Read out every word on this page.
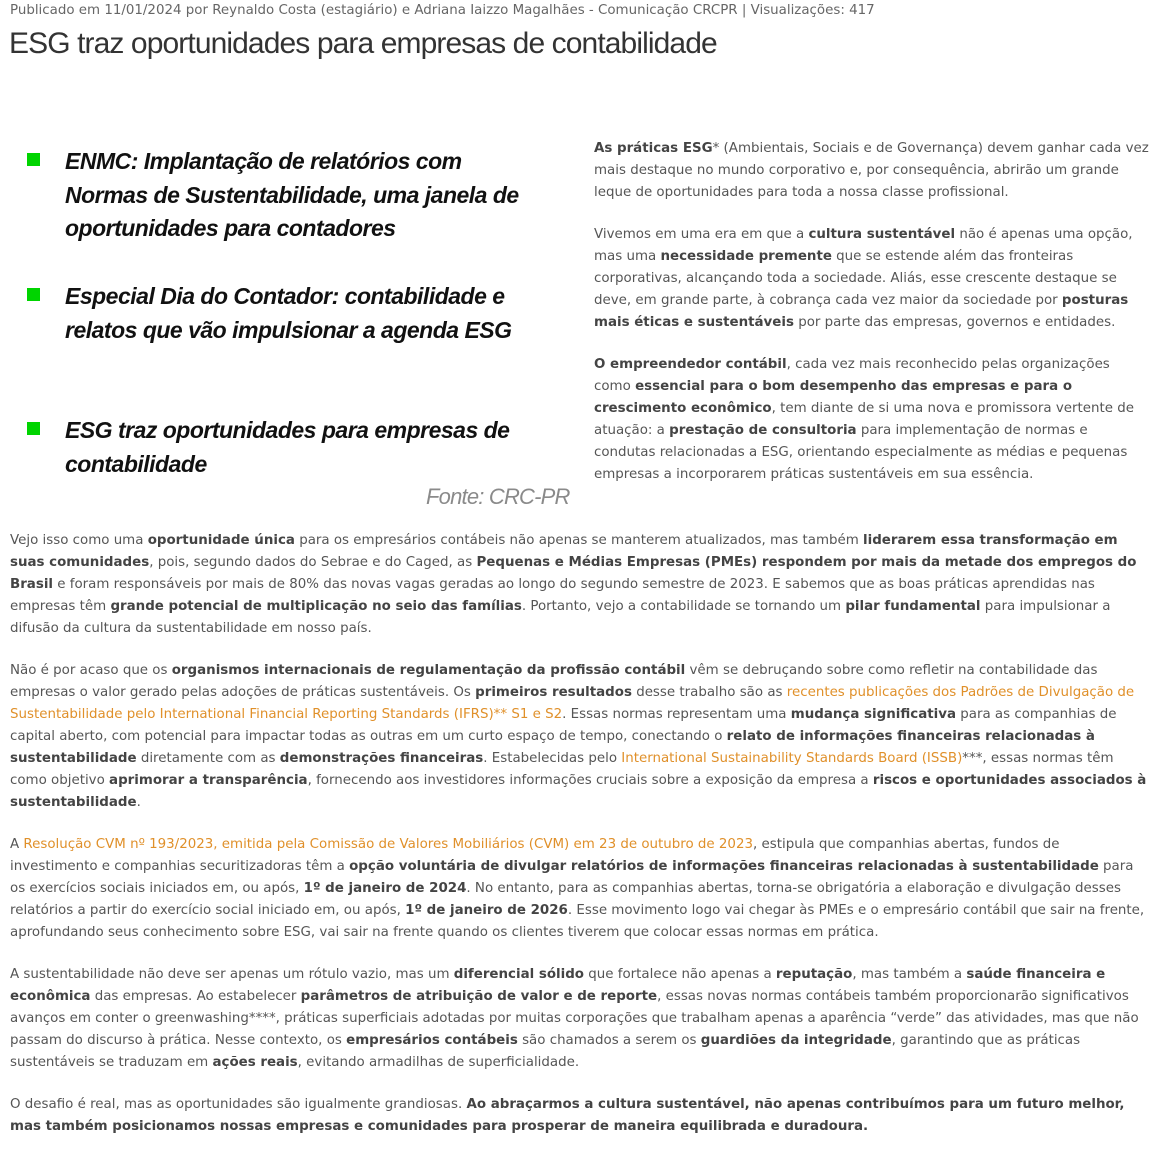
Publicado em 11/01/2024 por Reynaldo Costa (estagiário) e Adriana Iaizzo Magalhães - Comunicação CRCPR | Visualizações: 417
ESG traz oportunidades para empresas de contabilidade
ENMC: Implantação de relatórios com Normas de Sustentabilidade, uma janela de oportunidades para contadores
Especial Dia do Contador: contabilidade e relatos que vão impulsionar a agenda ESG
ESG traz oportunidades para empresas de contabilidade
Fonte: CRC-PR

As práticas ESG* (Ambientais, Sociais e de Governança) devem ganhar cada vez mais destaque no mundo corporativo e, por consequência, abrirão um grande leque de oportunidades para toda a nossa classe profissional.

Vivemos em uma era em que a cultura sustentável não é apenas uma opção, mas uma necessidade premente que se estende além das fronteiras corporativas, alcançando toda a sociedade. Aliás, esse crescente destaque se deve, em grande parte, à cobrança cada vez maior da sociedade por posturas mais éticas e sustentáveis por parte das empresas, governos e entidades.

O empreendedor contábil, cada vez mais reconhecido pelas organizações como essencial para o bom desempenho das empresas e para o crescimento econômico, tem diante de si uma nova e promissora vertente de atuação: a prestação de consultoria para implementação de normas e condutas relacionadas a ESG, orientando especialmente as médias e pequenas empresas a incorporarem práticas sustentáveis em sua essência.

Vejo isso como uma oportunidade única para os empresários contábeis não apenas se manterem atualizados, mas também liderarem essa transformação em suas comunidades, pois, segundo dados do Sebrae e do Caged, as Pequenas e Médias Empresas (PMEs) respondem por mais da metade dos empregos do Brasil e foram responsáveis por mais de 80% das novas vagas geradas ao longo do segundo semestre de 2023. E sabemos que as boas práticas aprendidas nas empresas têm grande potencial de multiplicação no seio das famílias. Portanto, vejo a contabilidade se tornando um pilar fundamental para impulsionar a difusão da cultura da sustentabilidade em nosso país.

Não é por acaso que os organismos internacionais de regulamentação da profissão contábil vêm se debruçando sobre como refletir na contabilidade das empresas o valor gerado pelas adoções de práticas sustentáveis. Os primeiros resultados desse trabalho são as recentes publicações dos Padrões de Divulgação de Sustentabilidade pelo International Financial Reporting Standards (IFRS)** S1 e S2. Essas normas representam uma mudança significativa para as companhias de capital aberto, com potencial para impactar todas as outras em um curto espaço de tempo, conectando o relato de informações financeiras relacionadas à sustentabilidade diretamente com as demonstrações financeiras. Estabelecidas pelo International Sustainability Standards Board (ISSB)***, essas normas têm como objetivo aprimorar a transparência, fornecendo aos investidores informações cruciais sobre a exposição da empresa a riscos e oportunidades associados à sustentabilidade.

A Resolução CVM nº 193/2023, emitida pela Comissão de Valores Mobiliários (CVM) em 23 de outubro de 2023, estipula que companhias abertas, fundos de investimento e companhias securitizadoras têm a opção voluntária de divulgar relatórios de informações financeiras relacionadas à sustentabilidade para os exercícios sociais iniciados em, ou após, 1º de janeiro de 2024. No entanto, para as companhias abertas, torna-se obrigatória a elaboração e divulgação desses relatórios a partir do exercício social iniciado em, ou após, 1º de janeiro de 2026. Esse movimento logo vai chegar às PMEs e o empresário contábil que sair na frente, aprofundando seus conhecimento sobre ESG, vai sair na frente quando os clientes tiverem que colocar essas normas em prática.

A sustentabilidade não deve ser apenas um rótulo vazio, mas um diferencial sólido que fortalece não apenas a reputação, mas também a saúde financeira e econômica das empresas. Ao estabelecer parâmetros de atribuição de valor e de reporte, essas novas normas contábeis também proporcionarão significativos avanços em conter o greenwashing****, práticas superficiais adotadas por muitas corporações que trabalham apenas a aparência “verde” das atividades, mas que não passam do discurso à prática. Nesse contexto, os empresários contábeis são chamados a serem os guardiões da integridade, garantindo que as práticas sustentáveis se traduzam em ações reais, evitando armadilhas de superficialidade.

O desafio é real, mas as oportunidades são igualmente grandiosas. Ao abraçarmos a cultura sustentável, não apenas contribuímos para um futuro melhor, mas também posicionamos nossas empresas e comunidades para prosperar de maneira equilibrada e duradoura.
